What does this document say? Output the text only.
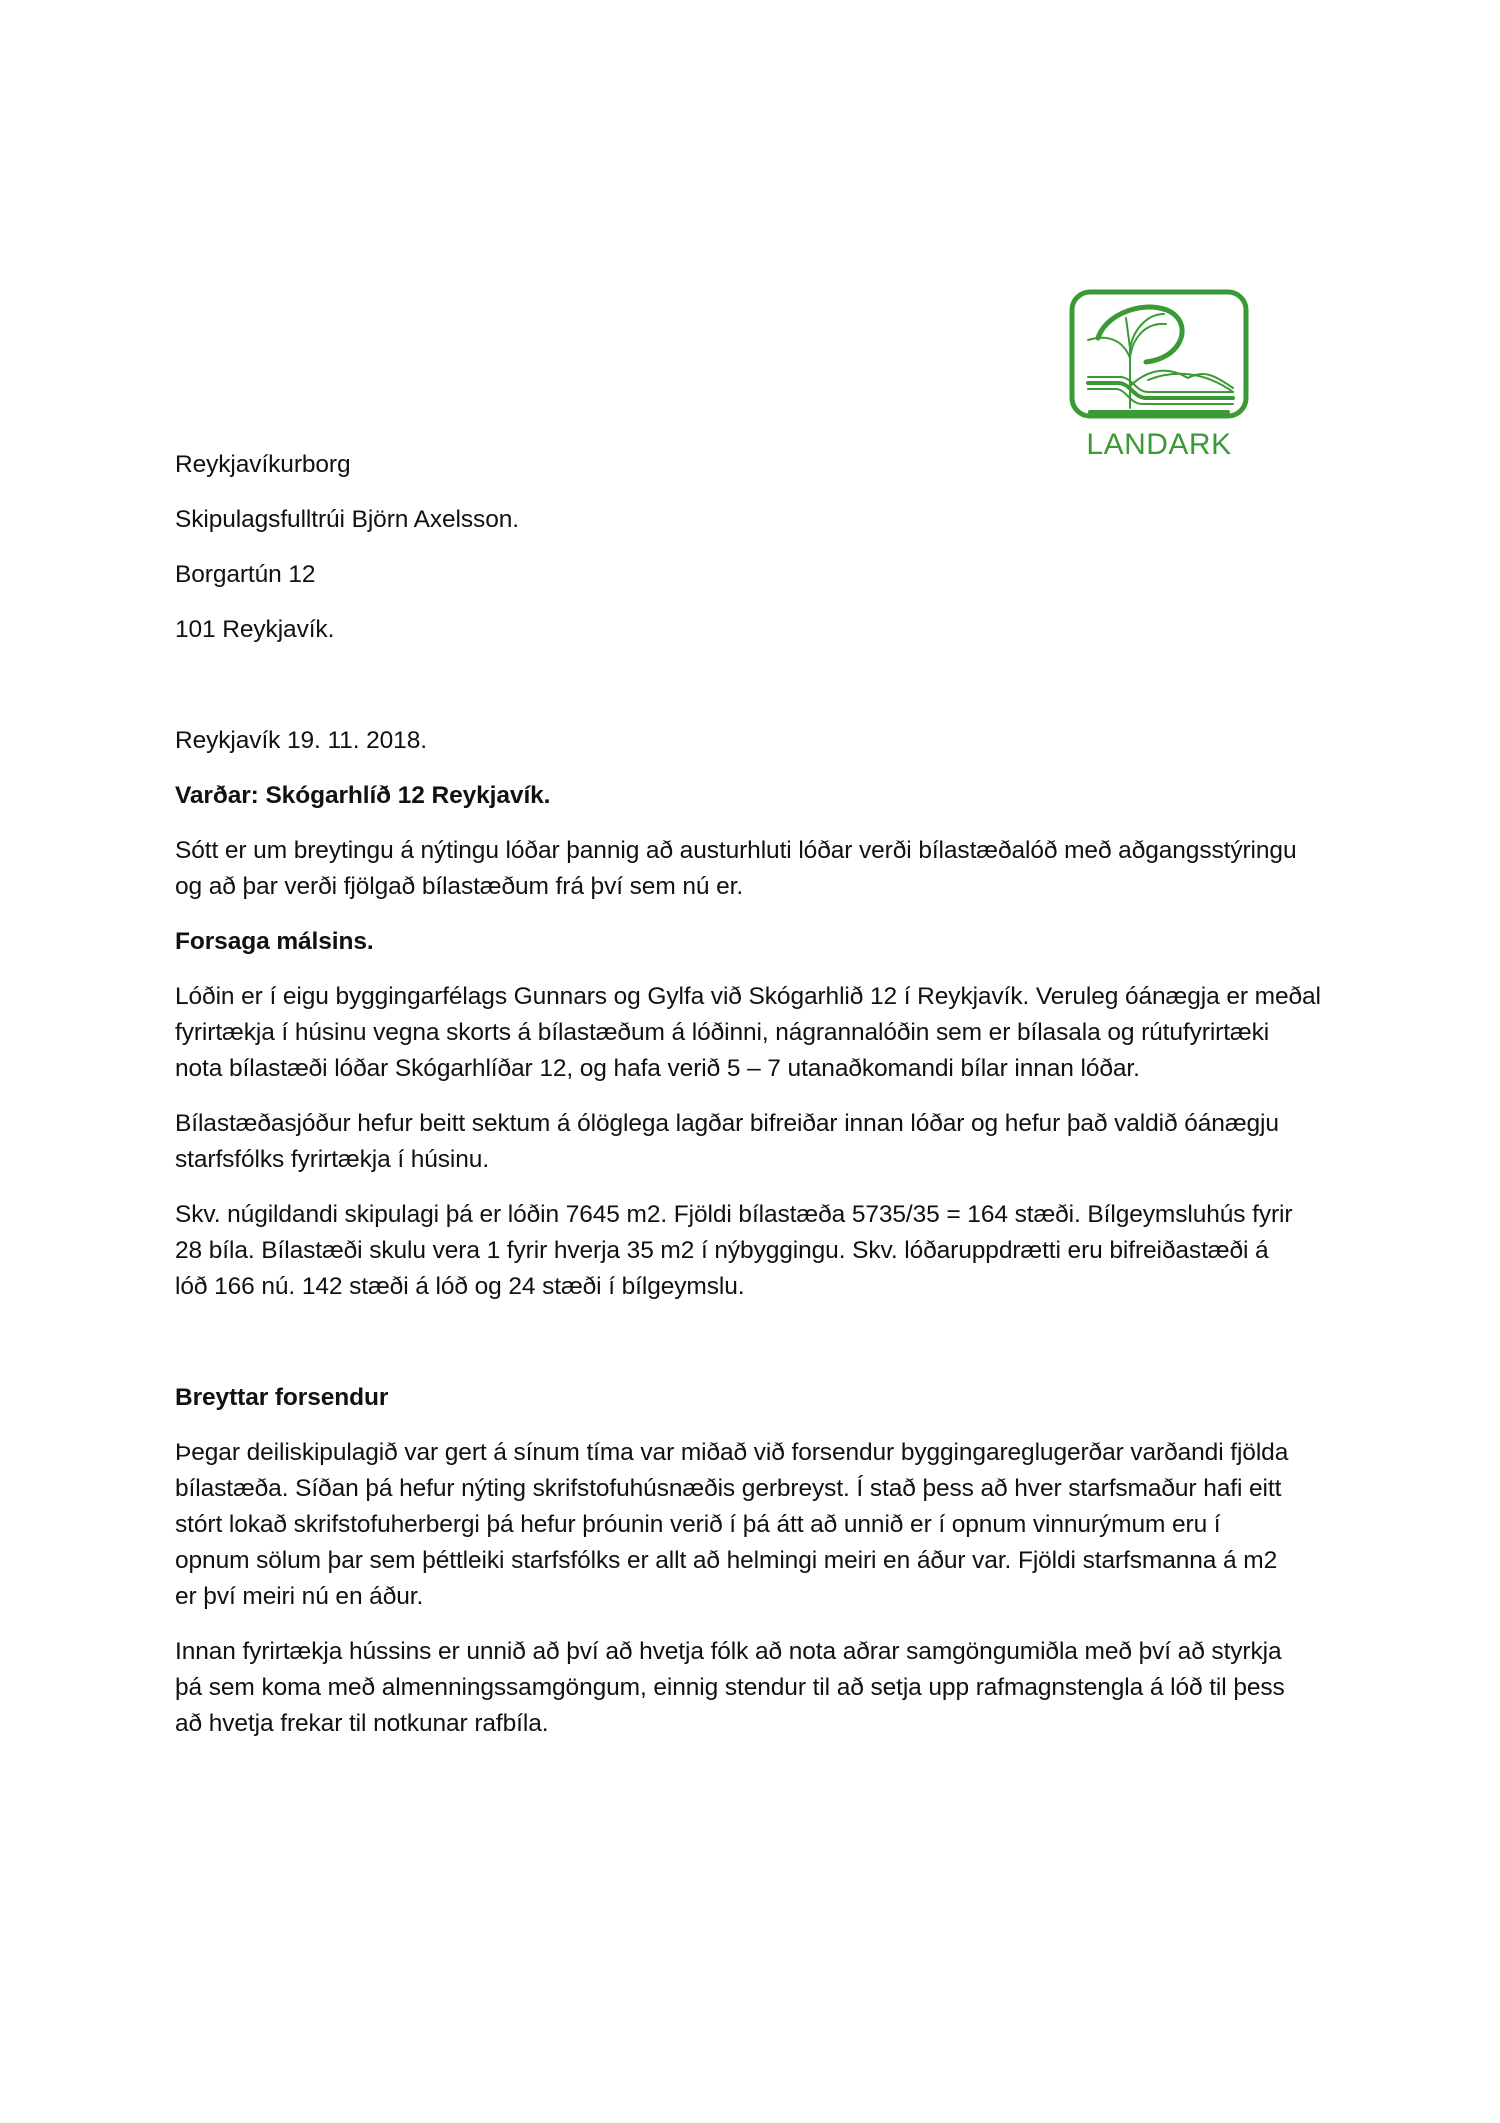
LANDARK
Reykjavíkurborg
Skipulagsfulltrúi Björn Axelsson.
Borgartún 12
101 Reykjavík.
Reykjavík 19. 11. 2018.
Varðar: Skógarhlíð 12 Reykjavík.
Sótt er um breytingu á nýtingu lóðar þannig að austurhluti lóðar verði bílastæðalóð með aðgangsstýringu
og að þar verði fjölgað bílastæðum frá því sem nú er.
Forsaga málsins.
Lóðin er í eigu byggingarfélags Gunnars og Gylfa við Skógarhlið 12 í Reykjavík. Veruleg óánægja er meðal
fyrirtækja í húsinu vegna skorts á bílastæðum á lóðinni, nágrannalóðin sem er bílasala og rútufyrirtæki
nota bílastæði lóðar Skógarhlíðar 12, og hafa verið 5 – 7 utanaðkomandi bílar innan lóðar.
Bílastæðasjóður hefur beitt sektum á ólöglega lagðar bifreiðar innan lóðar og hefur það valdið óánægju
starfsfólks fyrirtækja í húsinu.
Skv. núgildandi skipulagi þá er lóðin 7645 m2. Fjöldi bílastæða 5735/35 = 164 stæði. Bílgeymsluhús fyrir
28 bíla. Bílastæði skulu vera 1 fyrir hverja 35 m2 í nýbyggingu. Skv. lóðaruppdrætti eru bifreiðastæði á
lóð 166 nú. 142 stæði á lóð og 24 stæði í bílgeymslu.
Breyttar forsendur
Þegar deiliskipulagið var gert á sínum tíma var miðað við forsendur byggingareglugerðar varðandi fjölda
bílastæða. Síðan þá hefur nýting skrifstofuhúsnæðis gerbreyst. Í stað þess að hver starfsmaður hafi eitt
stórt lokað skrifstofuherbergi þá hefur þróunin verið í þá átt að unnið er í opnum vinnurýmum eru í
opnum sölum þar sem þéttleiki starfsfólks er allt að helmingi meiri en áður var. Fjöldi starfsmanna á m2
er því meiri nú en áður.
Innan fyrirtækja hússins er unnið að því að hvetja fólk að nota aðrar samgöngumiðla með því að styrkja
þá sem koma með almenningssamgöngum, einnig stendur til að setja upp rafmagnstengla á lóð til þess
að hvetja frekar til notkunar rafbíla.
